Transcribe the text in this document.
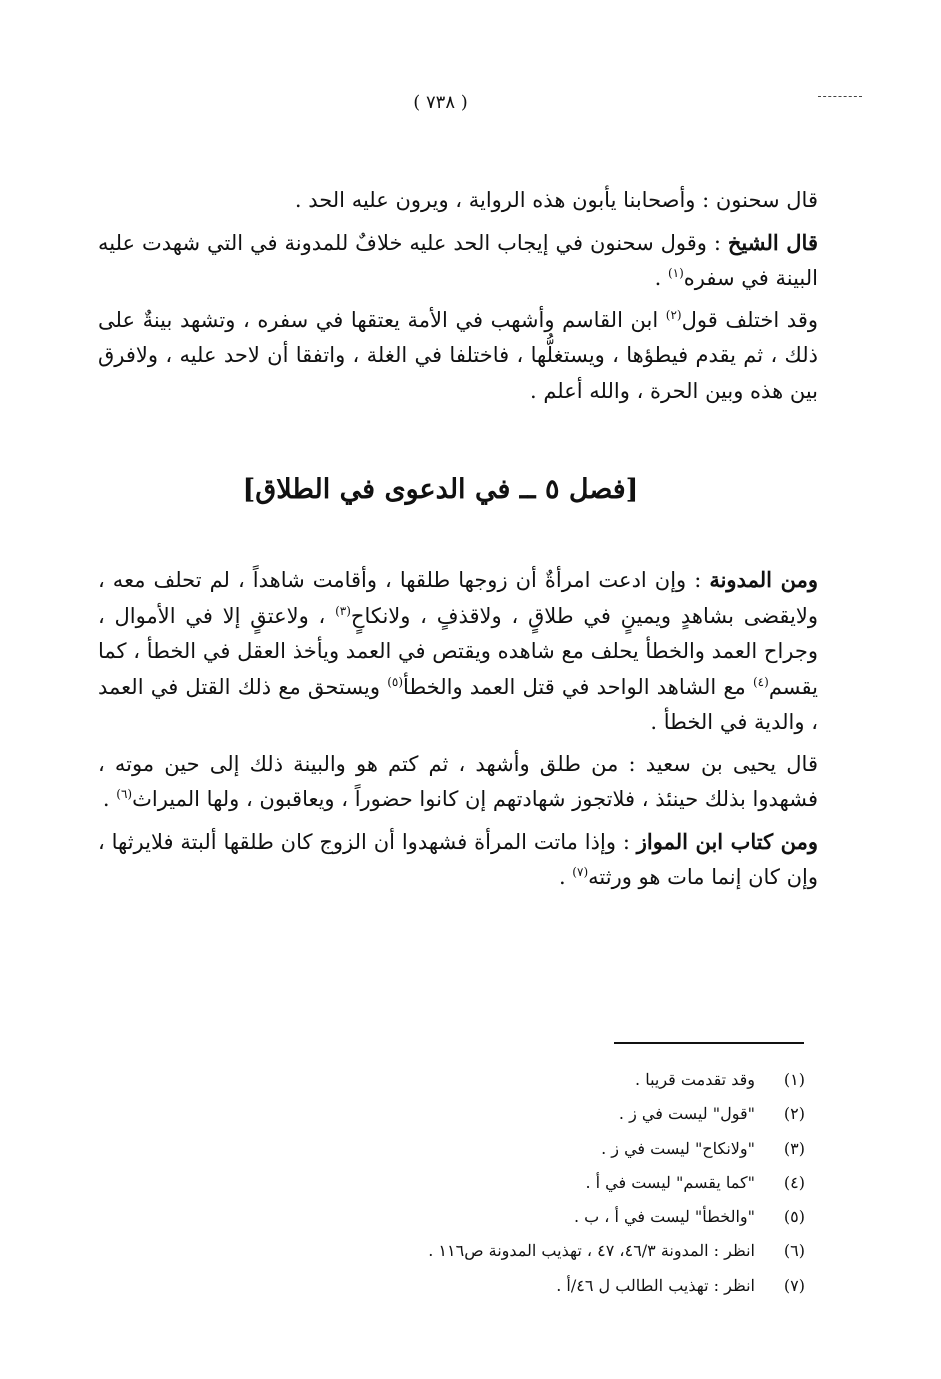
( ٧٣٨ )

قال سحنون : وأصحابنا يأبون هذه الرواية ، ويرون عليه الحد .

قال الشيخ : وقول سحنون في إيجاب الحد عليه خلافٌ للمدونة في التي شهدت عليه البينة في سفره$^{(١)}$ .

وقد اختلف قول$^{(٢)}$ ابن القاسم وأشهب في الأمة يعتقها في سفره ، وتشهد بينةٌ على ذلك ، ثم يقدم فيطؤها ، ويستغلُّها ، فاختلفا في الغلة ، واتفقا أن لاحد عليه ، ولافرق بين هذه وبين الحرة ، والله أعلم .

[فصل ٥ ــ في الدعوى في الطلاق]

ومن المدونة : وإن ادعت امرأةٌ أن زوجها طلقها ، وأقامت شاهداً ، لم تحلف معه ، ولايقضى بشاهدٍ ويمينٍ في طلاقٍ ، ولاقذفٍ ، ولانكاحٍ$^{(٣)}$ ، ولاعتقٍ إلا في الأموال ، وجراح العمد والخطأ يحلف مع شاهده ويقتص في العمد ويأخذ العقل في الخطأ ، كما يقسم$^{(٤)}$ مع الشاهد الواحد في قتل العمد والخطأ$^{(٥)}$ ويستحق مع ذلك القتل في العمد ، والدية في الخطأ .

قال يحيى بن سعيد : من طلق وأشهد ، ثم كتم هو والبينة ذلك إلى حين موته ، فشهدوا بذلك حينئذ ، فلاتجوز شهادتهم إن كانوا حضوراً ، ويعاقبون ، ولها الميراث$^{(٦)}$ .

ومن كتاب ابن المواز : وإذا ماتت المرأة فشهدوا أن الزوج كان طلقها ألبتة فلايرثها ، وإن كان إنما مات هو ورثته$^{(٧)}$ .

(١)
وقد تقدمت قريبا .
(٢)
"قول" ليست في ز .
(٣)
"ولانكاح" ليست في ز .
(٤)
"كما يقسم" ليست في أ .
(٥)
"والخطأ" ليست في أ ، ب .
(٦)
انظر : المدونة ٤٦/٣، ٤٧ ، تهذيب المدونة ص١١٦ .
(٧)
انظر : تهذيب الطالب ل ٤٦/أ .
